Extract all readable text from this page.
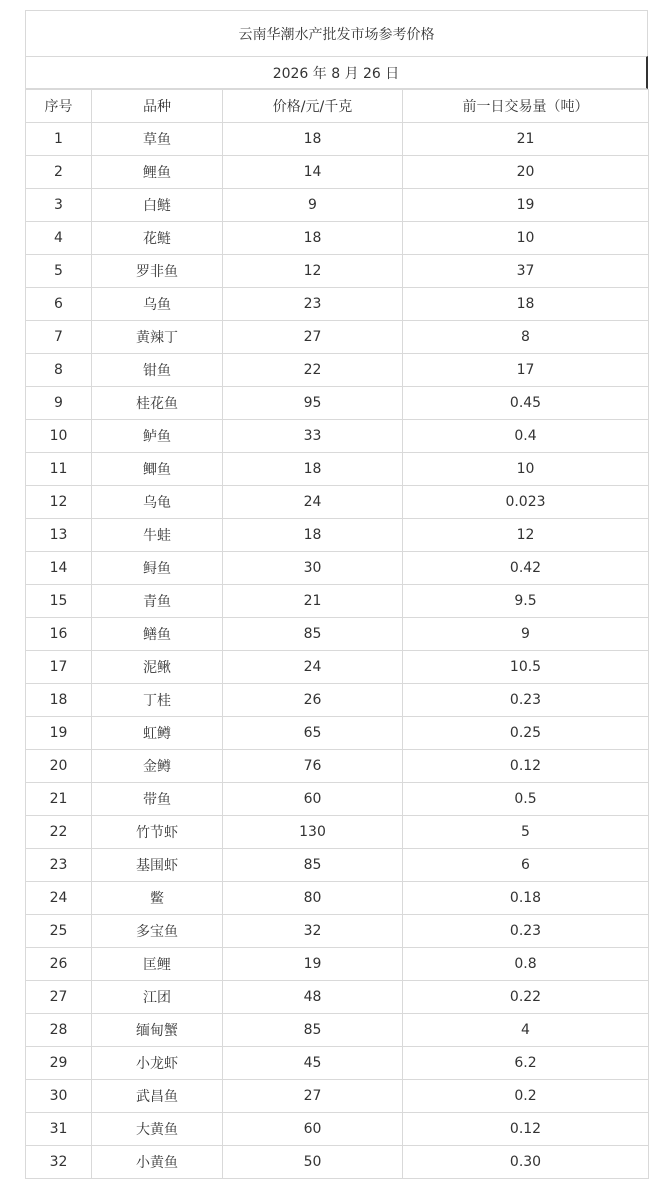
云南华潮水产批发市场参考价格
2026 年 8 月 26 日
序号	品种	价格/元/千克	前一日交易量（吨）
1	草鱼	18	21
2	鲤鱼	14	20
3	白鲢	9	19
4	花鲢	18	10
5	罗非鱼	12	37
6	乌鱼	23	18
7	黄辣丁	27	8
8	钳鱼	22	17
9	桂花鱼	95	0.45
10	鲈鱼	33	0.4
11	鲫鱼	18	10
12	乌龟	24	0.023
13	牛蛙	18	12
14	鲟鱼	30	0.42
15	青鱼	21	9.5
16	鳝鱼	85	9
17	泥鳅	24	10.5
18	丁桂	26	0.23
19	虹鳟	65	0.25
20	金鳟	76	0.12
21	带鱼	60	0.5
22	竹节虾	130	5
23	基围虾	85	6
24	鳖	80	0.18
25	多宝鱼	32	0.23
26	匡鲤	19	0.8
27	江团	48	0.22
28	缅甸蟹	85	4
29	小龙虾	45	6.2
30	武昌鱼	27	0.2
31	大黄鱼	60	0.12
32	小黄鱼	50	0.30
